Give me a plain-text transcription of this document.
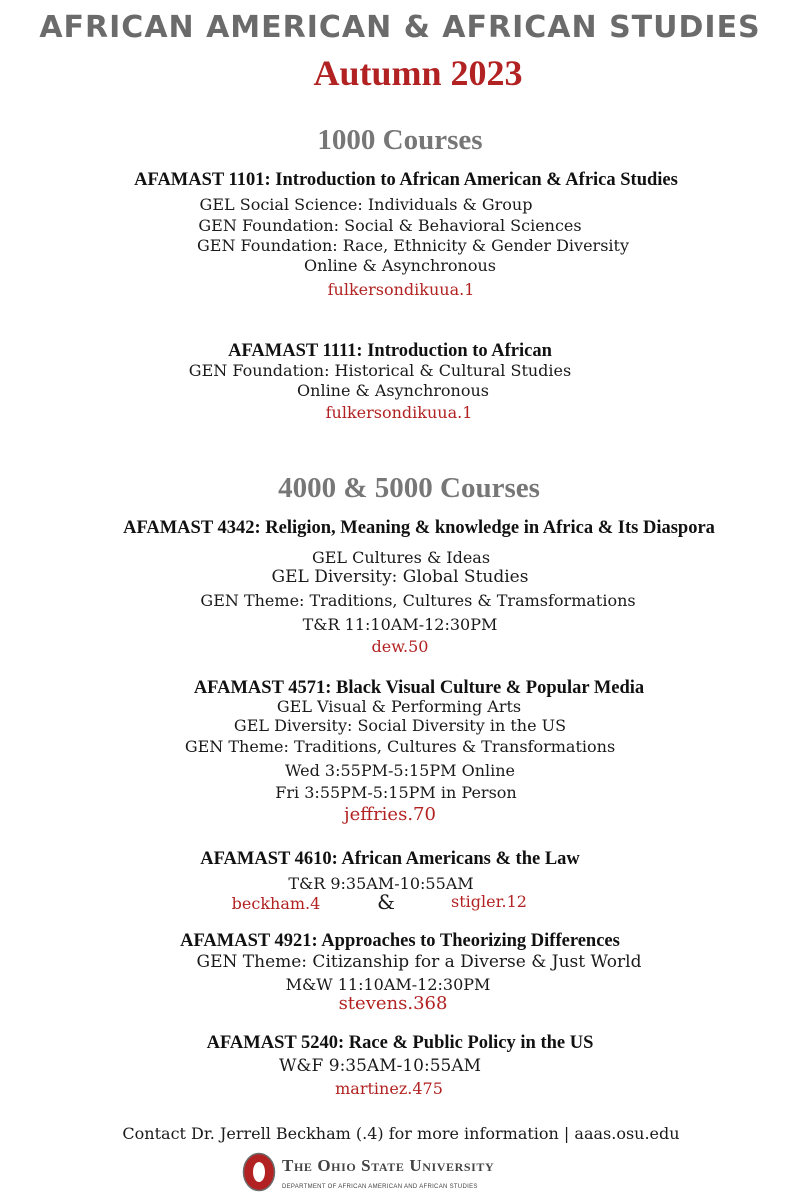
AFRICAN AMERICAN & AFRICAN STUDIES
Autumn 2023
1000 Courses
AFAMAST 1101: Introduction to African American & Africa Studies
GEL Social Science: Individuals & Group
GEN Foundation: Social & Behavioral Sciences
GEN Foundation: Race, Ethnicity & Gender Diversity
Online & Asynchronous
fulkersondikuua.1
AFAMAST 1111: Introduction to African
GEN Foundation: Historical & Cultural Studies
Online & Asynchronous
fulkersondikuua.1
4000 & 5000 Courses
AFAMAST 4342: Religion, Meaning & knowledge in Africa & Its Diaspora
GEL Cultures & Ideas
GEL Diversity: Global Studies
GEN Theme: Traditions, Cultures & Tramsformations
T&R 11:10AM-12:30PM
dew.50
AFAMAST 4571: Black Visual Culture & Popular Media
GEL Visual & Performing Arts
GEL Diversity: Social Diversity in the US
GEN Theme: Traditions, Cultures & Transformations
Wed 3:55PM-5:15PM Online
Fri 3:55PM-5:15PM in Person
jeffries.70
AFAMAST 4610: African Americans & the Law
T&R 9:35AM-10:55AM
beckham.4	&	stigler.12
AFAMAST 4921: Approaches to Theorizing Differences
GEN Theme: Citizanship for a Diverse & Just World
M&W 11:10AM-12:30PM
stevens.368
AFAMAST 5240: Race & Public Policy in the US
W&F 9:35AM-10:55AM
martinez.475
Contact Dr. Jerrell Beckham (.4) for more information | aaas.osu.edu
O
The Ohio State University
DEPARTMENT OF AFRICAN AMERICAN AND AFRICAN STUDIES
